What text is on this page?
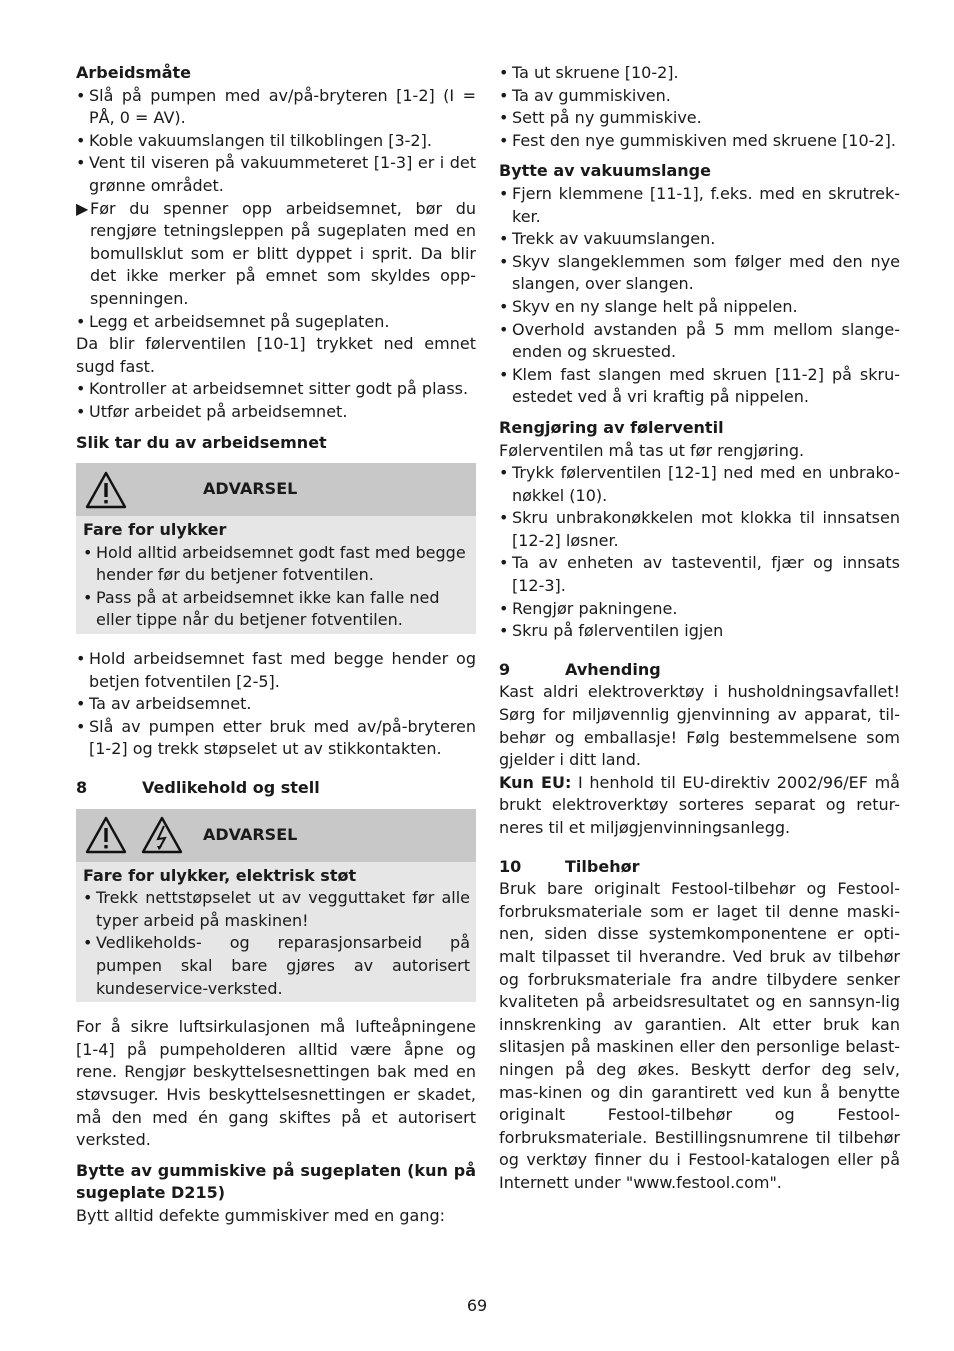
Arbeidsmåte

• Slå på pumpen med av/på-bryteren [1-2] (I = PÅ, 0 = AV).
• Koble vakuumslangen til tilkoblingen [3-2].
• Vent til viseren på vakuummeteret [1-3] er i det grønne området.
▶ Før du spenner opp arbeidsemnet, bør du rengjøre tetningsleppen på sugeplaten med en bomullsklut som er blitt dyppet i sprit. Da blir det ikke merker på emnet som skyldes opp-spenningen.
• Legg et arbeidsemnet på sugeplaten.

Da blir følerventilen [10-1] trykket ned emnet sugd fast.

• Kontroller at arbeidsemnet sitter godt på plass.
• Utfør arbeidet på arbeidsemnet.

Slik tar du av arbeidsemnet

ADVARSEL

Fare for ulykker

• Hold alltid arbeidsemnet godt fast med begge hender før du betjener fotventilen.
• Pass på at arbeidsemnet ikke kan falle ned eller tippe når du betjener fotventilen.
• Hold arbeidsemnet fast med begge hender og betjen fotventilen [2-5].
• Ta av arbeidsemnet.
• Slå av pumpen etter bruk med av/på-bryteren [1-2] og trekk støpselet ut av stikkontakten.
8	Vedlikehold og stell
ADVARSEL

Fare for ulykker, elektrisk støt

• Trekk nettstøpselet ut av vegguttaket før alle typer arbeid på maskinen!
• Vedlikeholds- og reparasjonsarbeid på pumpen skal bare gjøres av autorisert kundeservice-verksted.

For å sikre luftsirkulasjonen må lufteåpningene [1-4] på pumpeholderen alltid være åpne og rene. Rengjør beskyttelsesnettingen bak med en støvsuger. Hvis beskyttelsesnettingen er skadet, må den med én gang skiftes på et autorisert verksted.

Bytte av gummiskive på sugeplaten (kun på sugeplate D215)

Bytt alltid defekte gummiskiver med en gang:

• Ta ut skruene [10-2].
• Ta av gummiskiven.
• Sett på ny gummiskive.
• Fest den nye gummiskiven med skruene [10-2].

Bytte av vakuumslange

• Fjern klemmene [11-1], f.eks. med en skrutrek-ker.
• Trekk av vakuumslangen.
• Skyv slangeklemmen som følger med den nye slangen, over slangen.
• Skyv en ny slange helt på nippelen.
• Overhold avstanden på 5 mm mellom slange-enden og skruested.
• Klem fast slangen med skruen [11-2] på skru-estedet ved å vri kraftig på nippelen.

Rengjøring av følerventil

Følerventilen må tas ut før rengjøring.

• Trykk følerventilen [12-1] ned med en unbrako-nøkkel (10).
• Skru unbrakonøkkelen mot klokka til innsatsen [12-2] løsner.
• Ta av enheten av tasteventil, fjær og innsats [12-3].
• Rengjør pakningene.
• Skru på følerventilen igjen
9	Avhending

Kast aldri elektroverktøy i husholdningsavfallet! Sørg for miljøvennlig gjenvinning av apparat, til-behør og emballasje! Følg bestemmelsene som gjelder i ditt land.

Kun EU: I henhold til EU-direktiv 2002/96/EF må brukt elektroverktøy sorteres separat og retur-neres til et miljøgjenvinningsanlegg.

10	Tilbehør

Bruk bare originalt Festool-tilbehør og Festool-forbruksmateriale som er laget til denne maski-nen, siden disse systemkomponentene er opti-malt tilpasset til hverandre. Ved bruk av tilbehør og forbruksmateriale fra andre tilbydere senker kvaliteten på arbeidsresultatet og en sannsyn-lig innskrenking av garantien. Alt etter bruk kan slitasjen på maskinen eller den personlige belast-ningen på deg økes. Beskytt derfor deg selv, mas-kinen og din garantirett ved kun å benytte originalt Festool-tilbehør og Festool-forbruksmateriale. Bestillingsnumrene til tilbehør og verktøy finner du i Festool-katalogen eller på Internett under "www.festool.com".

69
